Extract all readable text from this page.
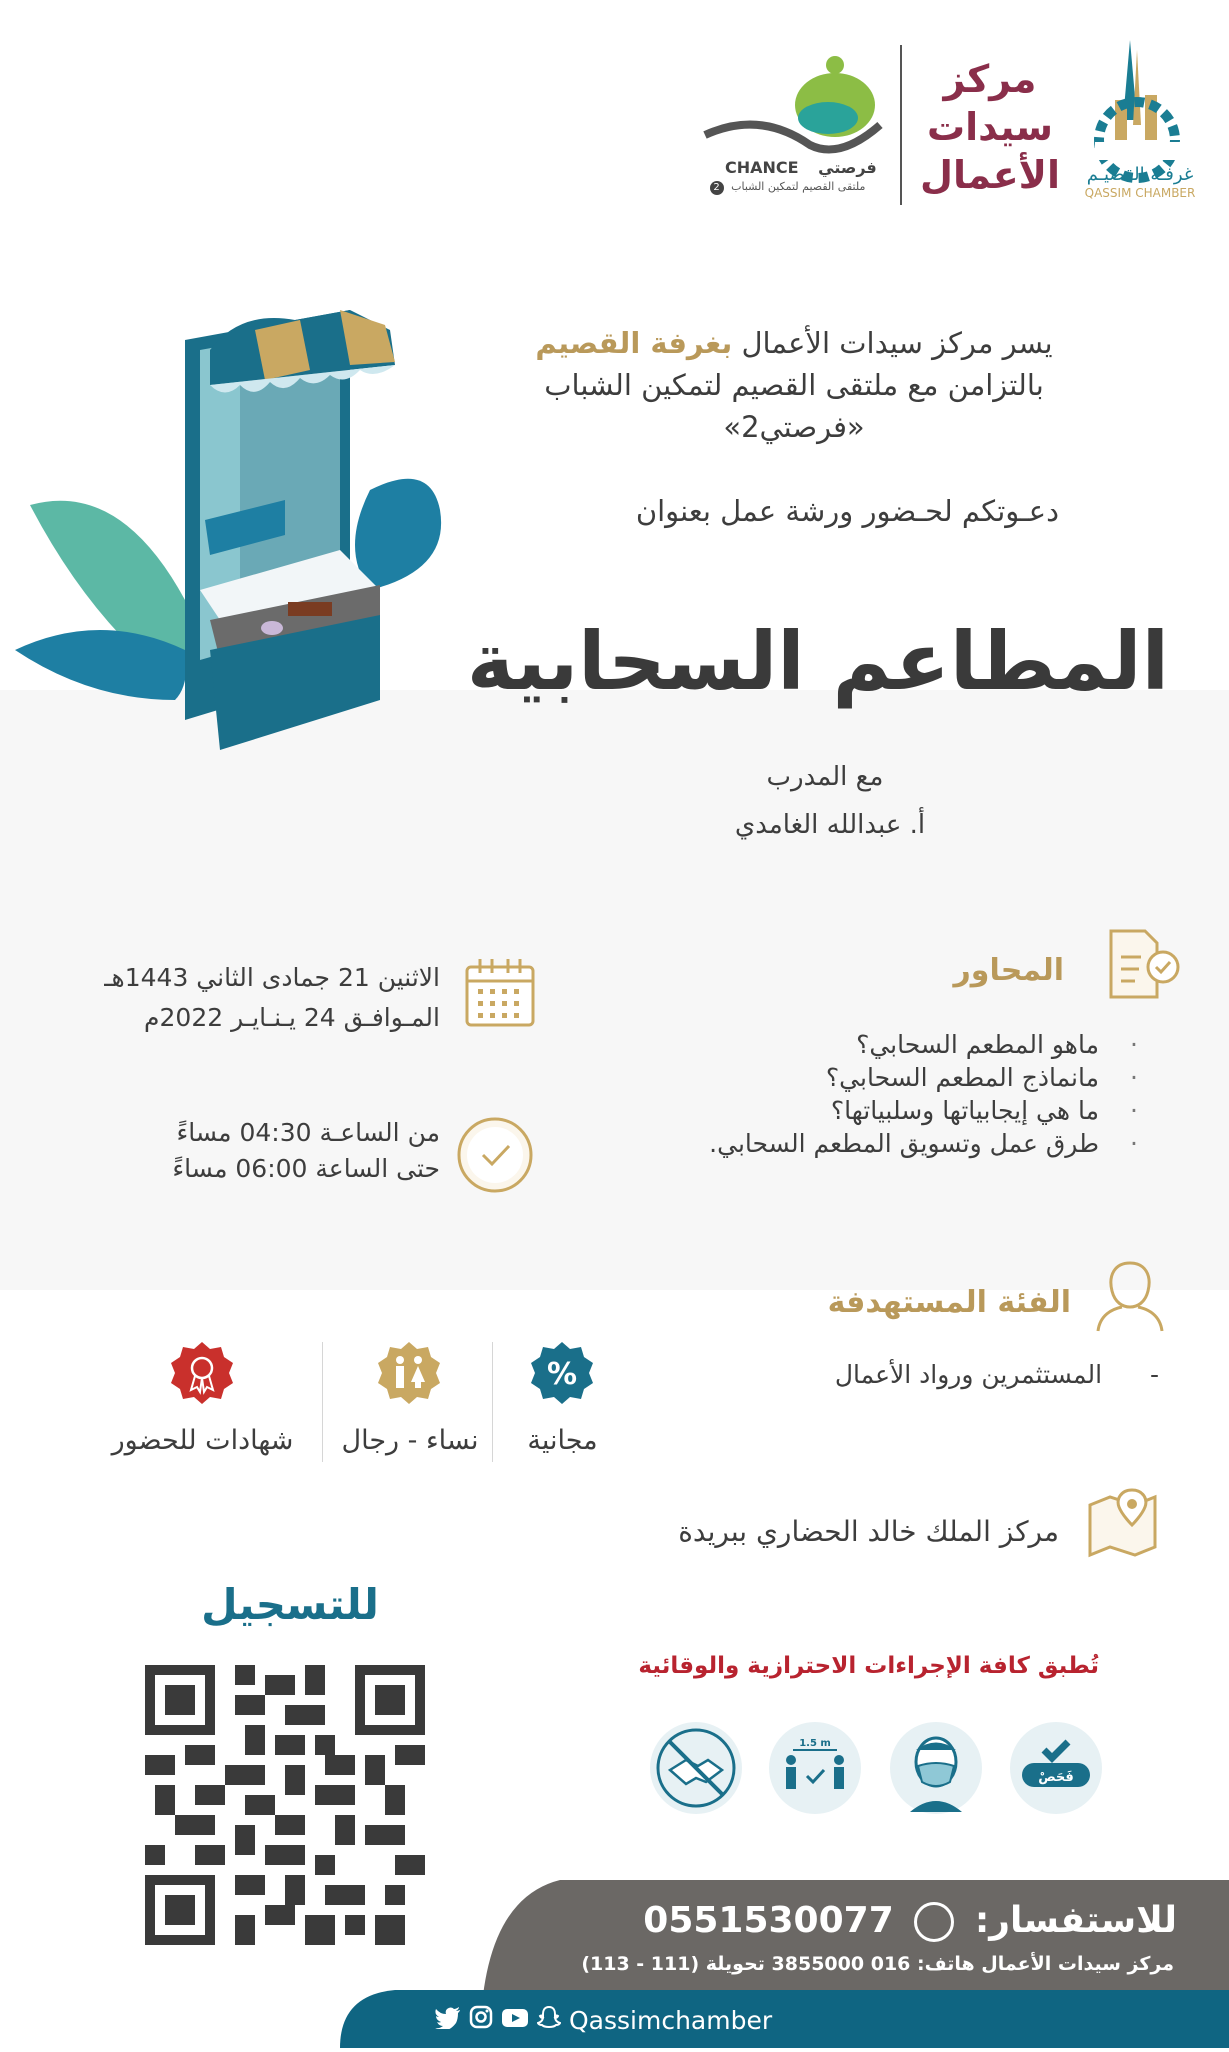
غرفـة القصيـم
QASSIM CHAMBER
مركز سيدات الأعمال
CHANCE فرصتي
ملتقى القصيم لتمكين الشباب 2
يسر مركز سيدات الأعمال بغرفة القصيم
بالتزامن مع ملتقى القصيم لتمكين الشباب
«فرصتي2»
دعـوتكم لحـضور ورشة عمل بعنوان
المطاعم السحابية
مع المدرب
أ. عبدالله الغامدي
المحاور
·
ماهو المطعم السحابي؟
·
مانماذج المطعم السحابي؟
·
ما هي إيجابياتها وسلبياتها؟
·
طرق عمل وتسويق المطعم السحابي.
الاثنين 21 جمادى الثاني 1443هـ
المـوافـق 24 يـنـايـر 2022م
من الساعـة 04:30 مساءً
حتى الساعة 06:00 مساءً
الفئة المستهدفة
- المستثمرين ورواد الأعمال
%
مجانية
نساء - رجال
شهادات للحضور
مركز الملك خالد الحضاري ببريدة
للتسجيل
تُطبق كافة الإجراءات الاحترازية والوقائية
فَحَصْ
1.5 m
للاستفسار:  0551530077
مركز سيدات الأعمال هاتف: 016 3855000 تحويلة (111 - 113)
Qassimchamber
